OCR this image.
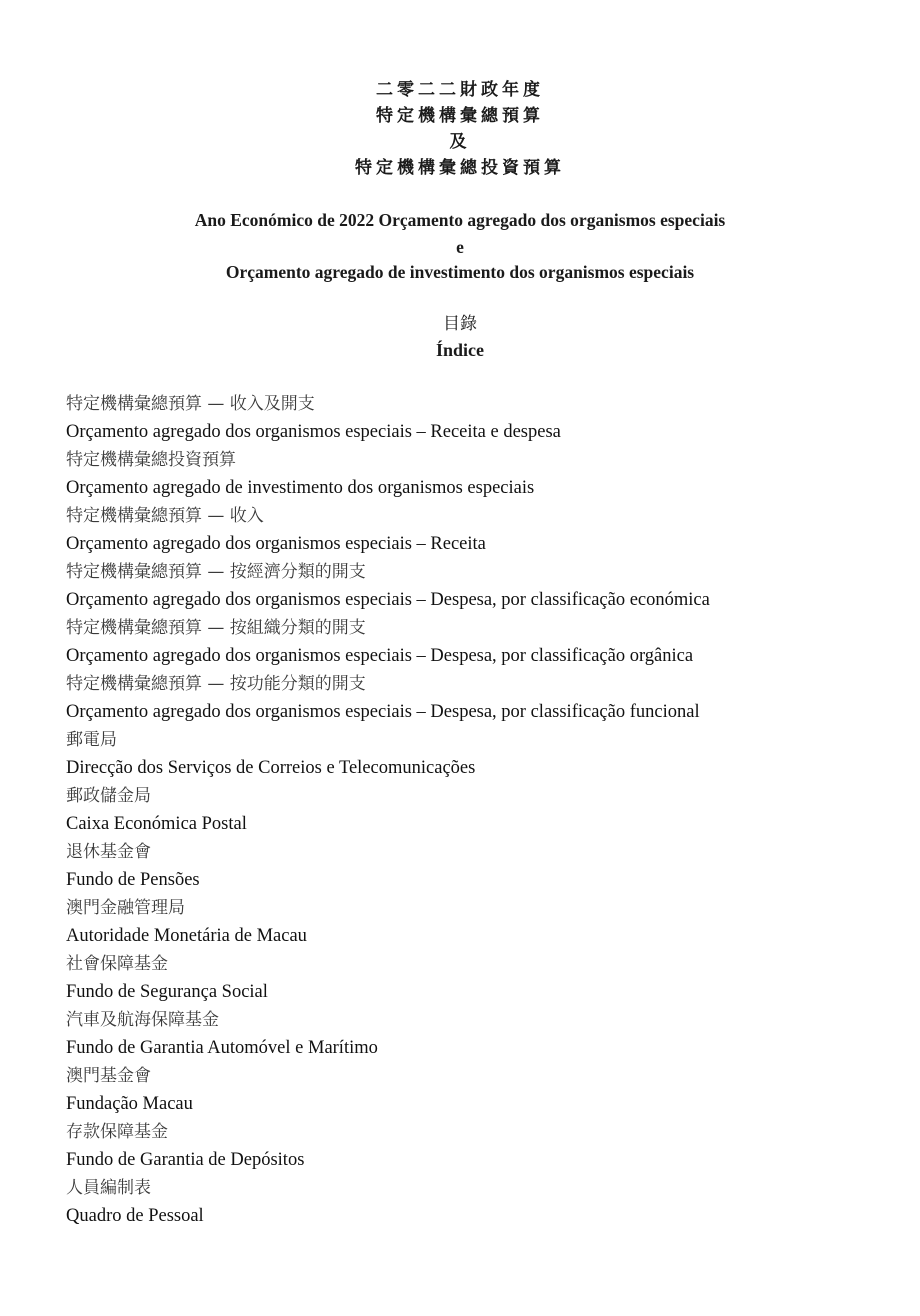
二零二二財政年度
特定機構彙總預算
及
特定機構彙總投資預算
Ano Económico de 2022 Orçamento agregado dos organismos especiais
e
Orçamento agregado de investimento dos organismos especiais
目錄
Índice
特定機構彙總預算 — 收入及開支
Orçamento agregado dos organismos especiais – Receita e despesa
特定機構彙總投資預算
Orçamento agregado de investimento dos organismos especiais
特定機構彙總預算 — 收入
Orçamento agregado dos organismos especiais – Receita
特定機構彙總預算 — 按經濟分類的開支
Orçamento agregado dos organismos especiais – Despesa, por classificação económica
特定機構彙總預算 — 按組織分類的開支
Orçamento agregado dos organismos especiais – Despesa, por classificação orgânica
特定機構彙總預算 — 按功能分類的開支
Orçamento agregado dos organismos especiais – Despesa, por classificação funcional
郵電局
Direcção dos Serviços de Correios e Telecomunicações
郵政儲金局
Caixa Económica Postal
退休基金會
Fundo de Pensões
澳門金融管理局
Autoridade Monetária de Macau
社會保障基金
Fundo de Segurança Social
汽車及航海保障基金
Fundo de Garantia Automóvel e Marítimo
澳門基金會
Fundação Macau
存款保障基金
Fundo de Garantia de Depósitos
人員編制表
Quadro de Pessoal
